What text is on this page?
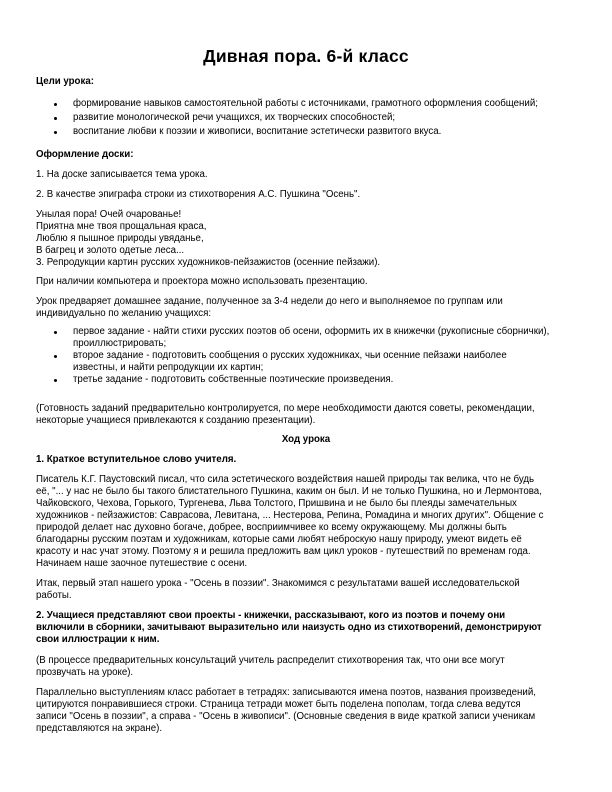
Дивная пора. 6-й класс
Цели урока:
формирование навыков самостоятельной работы с источниками, грамотного оформления сообщений;
развитие монологической речи учащихся, их творческих способностей;
воспитание любви к поэзии и живописи, воспитание эстетически развитого вкуса.
Оформление доски:
1. На доске записывается тема урока.
2. В качестве эпиграфа строки из стихотворения А.С. Пушкина "Осень".
Унылая пора! Очей очарованье!
Приятна мне твоя прощальная краса,
Люблю я пышное природы увяданье,
В багрец и золото одетые леса...
3. Репродукции картин русских художников-пейзажистов (осенние пейзажи).
При наличии компьютера и проектора можно использовать презентацию.
Урок предваряет домашнее задание, полученное за 3-4 недели до него и выполняемое по группам или
индивидуально по желанию учащихся:
первое задание - найти стихи русских поэтов об осени, оформить их в книжечки (рукописные сборнички),
проиллюстрировать;
второе задание - подготовить сообщения о русских художниках, чьи осенние пейзажи наиболее
известны, и найти репродукции их картин;
третье задание - подготовить собственные поэтические произведения.
(Готовность заданий предварительно контролируется, по мере необходимости даются советы, рекомендации,
некоторые учащиеся привлекаются к созданию презентации).
Ход урока
1. Краткое вступительное слово учителя.
Писатель К.Г. Паустовский писал, что сила эстетического воздействия нашей природы так велика, что не будь
её, "... у нас не было бы такого блистательного Пушкина, каким он был. И не только Пушкина, но и Лермонтова,
Чайковского, Чехова, Горького, Тургенева, Льва Толстого, Пришвина и не было бы плеяды замечательных
художников - пейзажистов: Саврасова, Левитана, ... Нестерова, Репина, Ромадина и многих других". Общение с
природой делает нас духовно богаче, добрее, восприимчивее ко всему окружающему. Мы должны быть
благодарны русским поэтам и художникам, которые сами любят неброскую нашу природу, умеют видеть её
красоту и нас учат этому. Поэтому я и решила предложить вам цикл уроков - путешествий по временам года.
Начинаем наше заочное путешествие с осени.
Итак, первый этап нашего урока - "Осень в поэзии". Знакомимся с результатами вашей исследовательской
работы.
2. Учащиеся представляют свои проекты - книжечки, рассказывают, кого из поэтов и почему они
включили в сборники, зачитывают выразительно или наизусть одно из стихотворений, демонстрируют
свои иллюстрации к ним.
(В процессе предварительных консультаций учитель распределит стихотворения так, что они все могут
прозвучать на уроке).
Параллельно выступлениям класс работает в тетрадях: записываются имена поэтов, названия произведений,
цитируются понравившиеся строки. Страница тетради может быть поделена пополам, тогда слева ведутся
записи "Осень в поэзии", а справа - "Осень в живописи". (Основные сведения в виде краткой записи ученикам
представляются на экране).
